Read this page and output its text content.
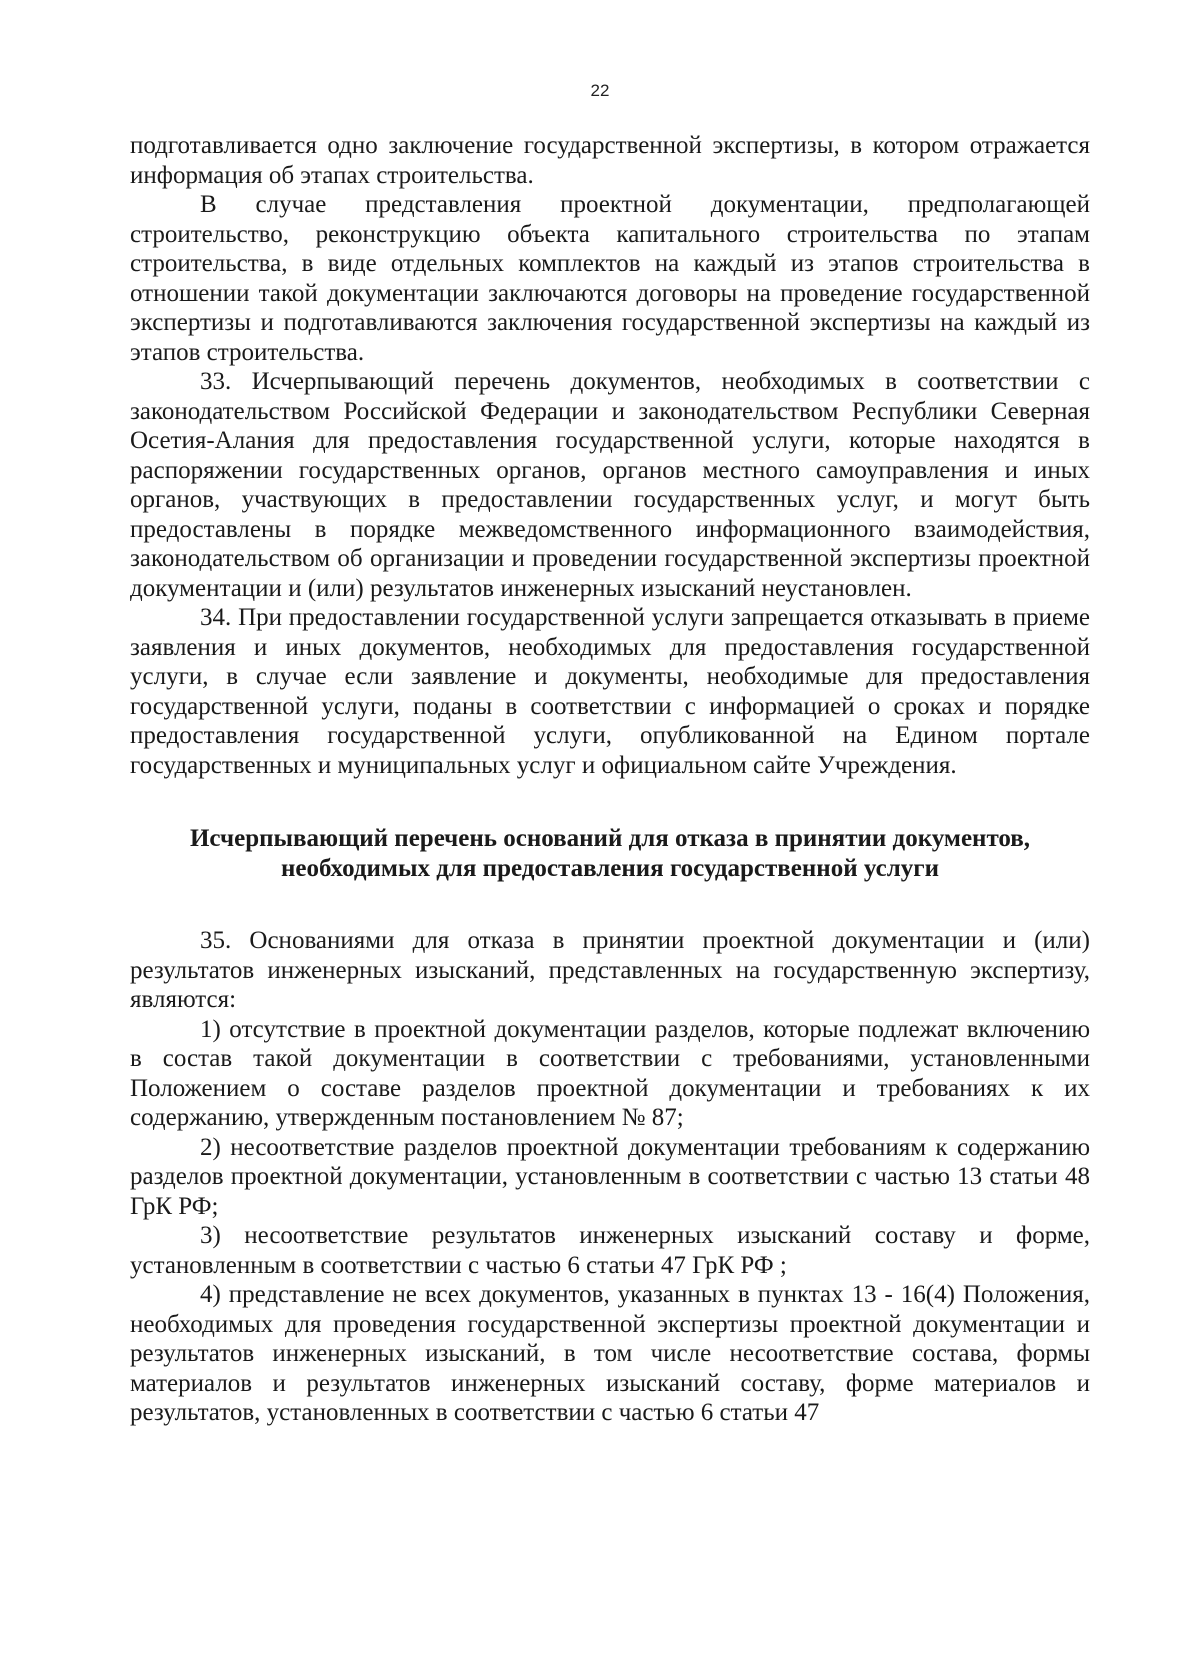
22

подготавливается одно заключение государственной экспертизы, в котором отражается информация об этапах строительства.

В случае представления проектной документации, предполагающей строительство, реконструкцию объекта капитального строительства по этапам строительства, в виде отдельных комплектов на каждый из этапов строительства в отношении такой документации заключаются договоры на проведение государственной экспертизы и подготавливаются заключения государственной экспертизы на каждый из этапов строительства.

33. Исчерпывающий перечень документов, необходимых в соответствии с законодательством Российской Федерации и законодательством Республики Северная Осетия-Алания для предоставления государственной услуги, которые находятся в распоряжении государственных органов, органов местного самоуправления и иных органов, участвующих в предоставлении государственных услуг, и могут быть предоставлены в порядке межведомственного информационного взаимодействия, законодательством об организации и проведении государственной экспертизы проектной документации и (или) результатов инженерных изысканий неустановлен.

34. При предоставлении государственной услуги запрещается отказывать в приеме заявления и иных документов, необходимых для предоставления государственной услуги, в случае если заявление и документы, необходимые для предоставления государственной услуги, поданы в соответствии с информацией о сроках и порядке предоставления государственной услуги, опубликованной на Едином портале государственных и муниципальных услуг и официальном сайте Учреждения.

Исчерпывающий перечень оснований для отказа в принятии документов,
необходимых для предоставления государственной услуги

35. Основаниями для отказа в принятии проектной документации и (или) результатов инженерных изысканий, представленных на государственную экспертизу, являются:

1) отсутствие в проектной документации разделов, которые подлежат включению в состав такой документации в соответствии с требованиями, установленными Положением о составе разделов проектной документации и требованиях к их содержанию, утвержденным постановлением № 87;

2) несоответствие разделов проектной документации требованиям к содержанию разделов проектной документации, установленным в соответствии с частью 13 статьи 48 ГрК РФ;

3) несоответствие результатов инженерных изысканий составу и форме, установленным в соответствии с частью 6 статьи 47 ГрК РФ ;

4) представление не всех документов, указанных в пунктах 13 - 16(4) Положения, необходимых для проведения государственной экспертизы проектной документации и результатов инженерных изысканий, в том числе несоответствие состава, формы материалов и результатов инженерных изысканий составу, форме материалов и результатов, установленных в соответствии с частью 6 статьи 47
